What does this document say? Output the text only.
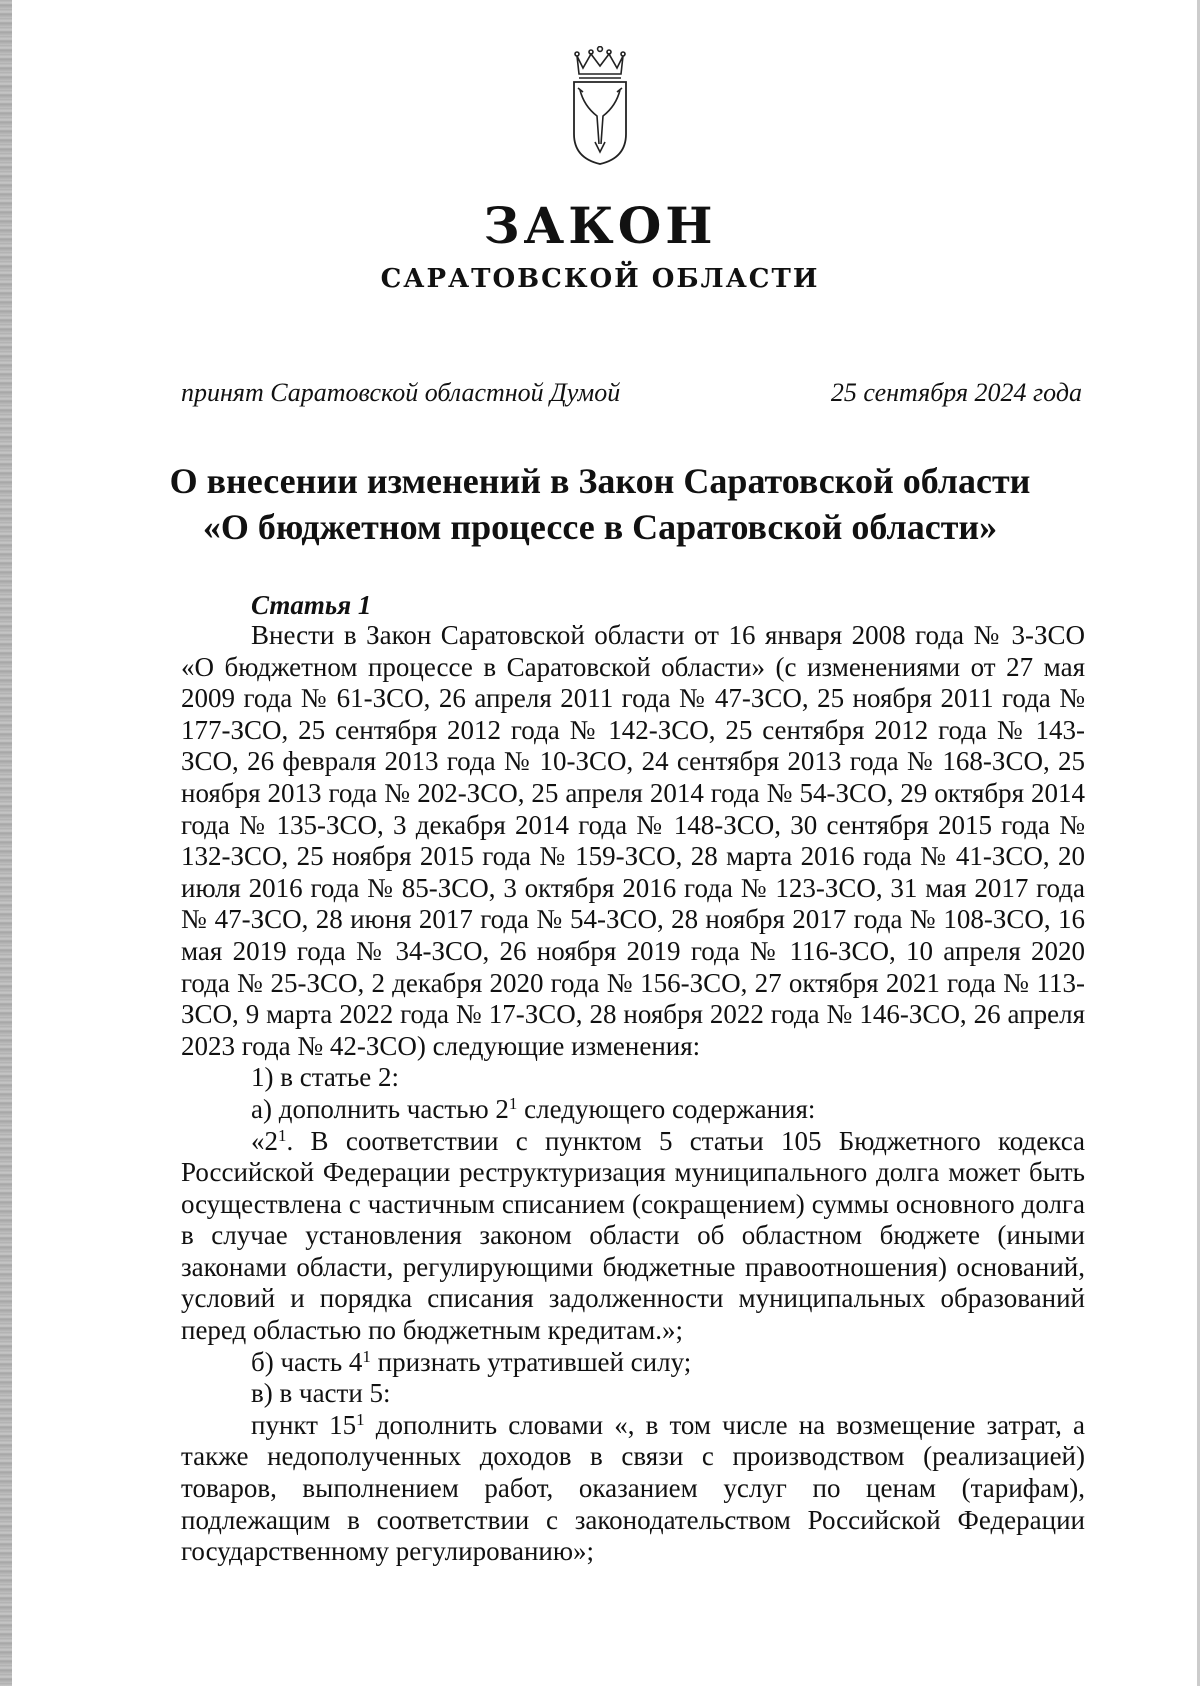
ЗАКОН
САРАТОВСКОЙ ОБЛАСТИ
принят Саратовской областной Думой	25 сентября 2024 года
О внесении изменений в Закон Саратовской области
«О бюджетном процессе в Саратовской области»
Статья 1

Внести в Закон Саратовской области от 16 января 2008 года № 3-ЗСО «О бюджетном процессе в Саратовской области» (с изменениями от 27 мая 2009 года № 61-ЗСО, 26 апреля 2011 года № 47-ЗСО, 25 ноября 2011 года № 177-ЗСО, 25 сентября 2012 года № 142-ЗСО, 25 сентября 2012 года № 143-ЗСО, 26 февраля 2013 года № 10-ЗСО, 24 сентября 2013 года № 168-ЗСО, 25 ноября 2013 года № 202-ЗСО, 25 апреля 2014 года № 54-ЗСО, 29 октября 2014 года № 135-ЗСО, 3 декабря 2014 года № 148-ЗСО, 30 сентября 2015 года № 132-ЗСО, 25 ноября 2015 года № 159-ЗСО, 28 марта 2016 года № 41-ЗСО, 20 июля 2016 года № 85-ЗСО, 3 октября 2016 года № 123-ЗСО, 31 мая 2017 года № 47-ЗСО, 28 июня 2017 года № 54-ЗСО, 28 ноября 2017 года № 108-ЗСО, 16 мая 2019 года № 34-ЗСО, 26 ноября 2019 года № 116-ЗСО, 10 апреля 2020 года № 25-ЗСО, 2 декабря 2020 года № 156-ЗСО, 27 октября 2021 года № 113-ЗСО, 9 марта 2022 года № 17-ЗСО, 28 ноября 2022 года № 146-ЗСО, 26 апреля 2023 года № 42-ЗСО) следующие изменения:

1) в статье 2:

а) дополнить частью $2^1$ следующего содержания:

«$2^1$. В соответствии с пунктом 5 статьи 105 Бюджетного кодекса Российской Федерации реструктуризация муниципального долга может быть осуществлена с частичным списанием (сокращением) суммы основного долга в случае установления законом области об областном бюджете (иными законами области, регулирующими бюджетные правоотношения) оснований, условий и порядка списания задолженности муниципальных образований перед областью по бюджетным кредитам.»;

б) часть $4^1$ признать утратившей силу;

в) в части 5:

пункт $15^1$ дополнить словами «, в том числе на возмещение затрат, а также недополученных доходов в связи с производством (реализацией) товаров, выполнением работ, оказанием услуг по ценам (тарифам), подлежащим в соответствии с законодательством Российской Федерации государственному регулированию»;
